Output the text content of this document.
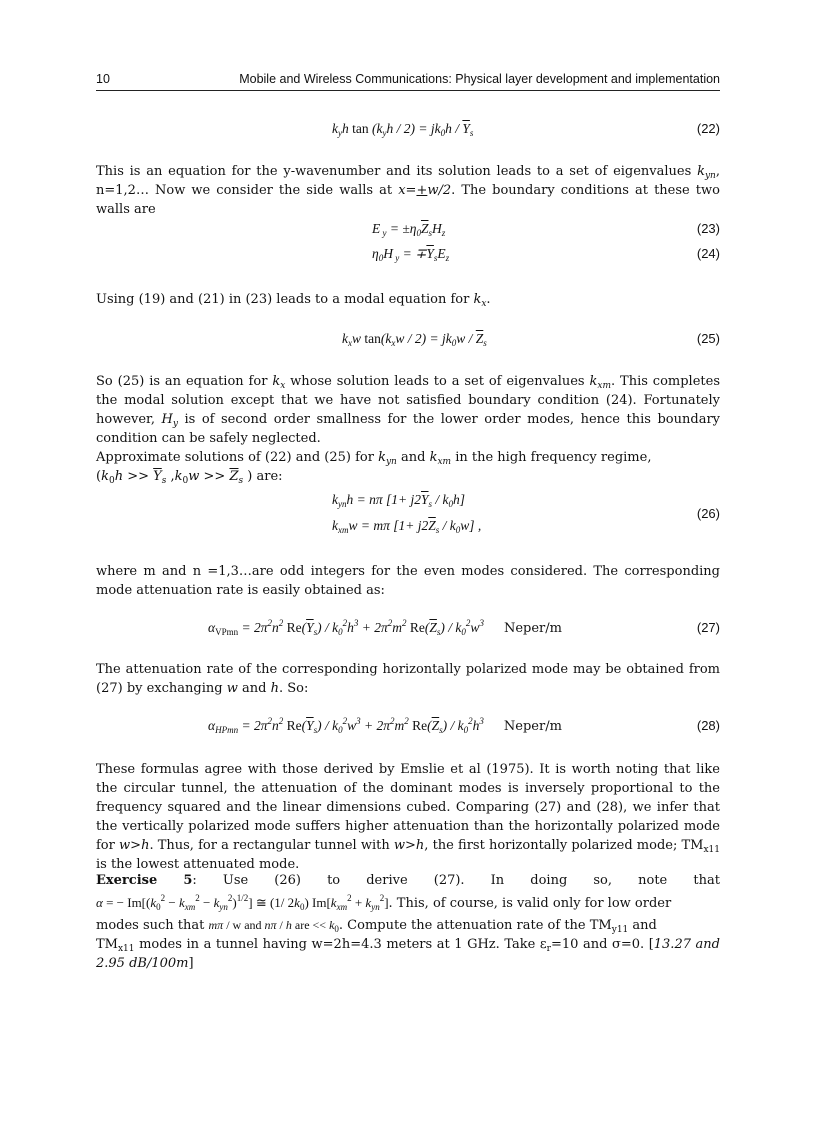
10	Mobile and Wireless Communications: Physical layer development and implementation
$k_yh$ $\tan (k_yh / 2) = jk_0h / \overline{Y}_s$	(22)
This is an equation for the y-wavenumber and its solution leads to a set of eigenvalues $k_{yn}$, n=1,2… Now we consider the side walls at x=+w/2. The boundary conditions at these two walls are
E $_y = \pm\eta_0\overline{Z}_sH_z$	(23)
$\eta_0H$ $_y = \mp\overline{Y}_sE_z$	(24)
Using (19) and (21) in (23) leads to a modal equation for $k_x$.
$k_xw$ $\tan(k_xw / 2) = jk_0w / \overline{Z}_s$	(25)
So (25) is an equation for $k_x$ whose solution leads to a set of eigenvalues $k_{xm}$. This completes the modal solution except that we have not satisfied boundary condition (24). Fortunately however, $H_y$ is of second order smallness for the lower order modes, hence this boundary condition can be safely neglected.
Approximate solutions of (22) and (25) for $k_{yn}$ and $k_{xm}$ in the high frequency regime,
($k_0h >> \overline{Y}_s$ $,k_0w >> \overline{Z}_s$ ) are:
$k_{yn}h = n\pi$ $[1+ j2\overline{Y}_s / k_0h]$
$k_{xm}w = m\pi$ $[1+ j2\overline{Z}_s / k_0w]$ ,
(26)
where m and n =1,3…are odd integers for the even modes considered. The corresponding mode attenuation rate is easily obtained as:
$\alpha_{VPmn} = 2\pi^2n^2$ $Re(\overline{Y}_s) / k_0^2h^3 + 2\pi^2m^2$ $Re(\overline{Z}_s) / k_0^2w^3$ Neper/m	(27)
The attenuation rate of the corresponding horizontally polarized mode may be obtained from (27) by exchanging w and h. So:
$\alpha_{HPmn} = 2\pi^2n^2$ $Re(\overline{Y}_s) / k_0^2w^3 + 2\pi^2m^2$ $Re(\overline{Z}_s) / k_0^2h^3$ Neper/m	(28)
These formulas agree with those derived by Emslie et al (1975). It is worth noting that like the circular tunnel, the attenuation of the dominant modes is inversely proportional to the frequency squared and the linear dimensions cubed. Comparing (27) and (28), we infer that the vertically polarized mode suffers higher attenuation than the horizontally polarized mode for w>h. Thus, for a rectangular tunnel with w>h, the first horizontally polarized mode; $TM_{x11}$ is the lowest attenuated mode.
Exercise 5: Use (26) to derive (27). In doing so, note that
α = − $Im[(k_0^2 - k_{xm}^2 - k_{yn}^2)^{1/2}]$ ≅ (1/ $2k_0$) $Im[k_{xm}^2 + k_{yn}^2]$. This, of course, is valid only for low order
modes such that mπ / w and nπ / h are << $k_0$. Compute the attenuation rate of the $TM_{y11}$ and
$TM_{x11}$ modes in a tunnel having w=2h=4.3 meters at 1 GHz. Take $\varepsilon_r=10$ and σ=0. [13.27 and 2.95 dB/100m]
